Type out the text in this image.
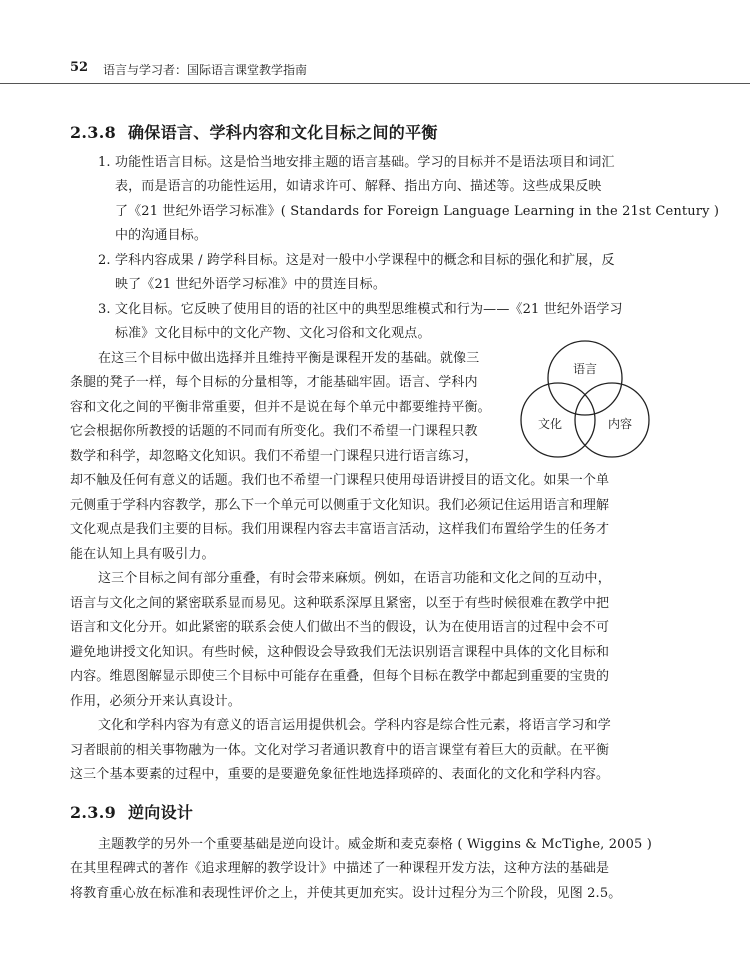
52 语言与学习者：国际语言课堂教学指南
2.3.8 确保语言、学科内容和文化目标之间的平衡
1. 功能性语言目标。这是恰当地安排主题的语言基础。学习的目标并不是语法项目和词汇
表，而是语言的功能性运用，如请求许可、解释、指出方向、描述等。这些成果反映
了《21 世纪外语学习标准》( Standards for Foreign Language Learning in the 21st Century )
中的沟通目标。
2. 学科内容成果 / 跨学科目标。这是对一般中小学课程中的概念和目标的强化和扩展，反
映了《21 世纪外语学习标准》中的贯连目标。
3. 文化目标。它反映了使用目的语的社区中的典型思维模式和行为——《21 世纪外语学习
标准》文化目标中的文化产物、文化习俗和文化观点。
在这三个目标中做出选择并且维持平衡是课程开发的基础。就像三
条腿的凳子一样，每个目标的分量相等，才能基础牢固。语言、学科内
容和文化之间的平衡非常重要，但并不是说在每个单元中都要维持平衡。
它会根据你所教授的话题的不同而有所变化。我们不希望一门课程只教
数学和科学，却忽略文化知识。我们不希望一门课程只进行语言练习，
却不触及任何有意义的话题。我们也不希望一门课程只使用母语讲授目的语文化。如果一个单
元侧重于学科内容教学，那么下一个单元可以侧重于文化知识。我们必须记住运用语言和理解
文化观点是我们主要的目标。我们用课程内容去丰富语言活动，这样我们布置给学生的任务才
能在认知上具有吸引力。
语言
文化	内容
这三个目标之间有部分重叠，有时会带来麻烦。例如，在语言功能和文化之间的互动中，
语言与文化之间的紧密联系显而易见。这种联系深厚且紧密，以至于有些时候很难在教学中把
语言和文化分开。如此紧密的联系会使人们做出不当的假设，认为在使用语言的过程中会不可
避免地讲授文化知识。有些时候，这种假设会导致我们无法识别语言课程中具体的文化目标和
内容。维恩图解显示即使三个目标中可能存在重叠，但每个目标在教学中都起到重要的宝贵的
作用，必须分开来认真设计。
文化和学科内容为有意义的语言运用提供机会。学科内容是综合性元素，将语言学习和学
习者眼前的相关事物融为一体。文化对学习者通识教育中的语言课堂有着巨大的贡献。在平衡
这三个基本要素的过程中，重要的是要避免象征性地选择琐碎的、表面化的文化和学科内容。
2.3.9 逆向设计
主题教学的另外一个重要基础是逆向设计。威金斯和麦克泰格 ( Wiggins & McTighe, 2005 )
在其里程碑式的著作《追求理解的教学设计》中描述了一种课程开发方法，这种方法的基础是
将教育重心放在标准和表现性评价之上，并使其更加充实。设计过程分为三个阶段，见图 2.5。
